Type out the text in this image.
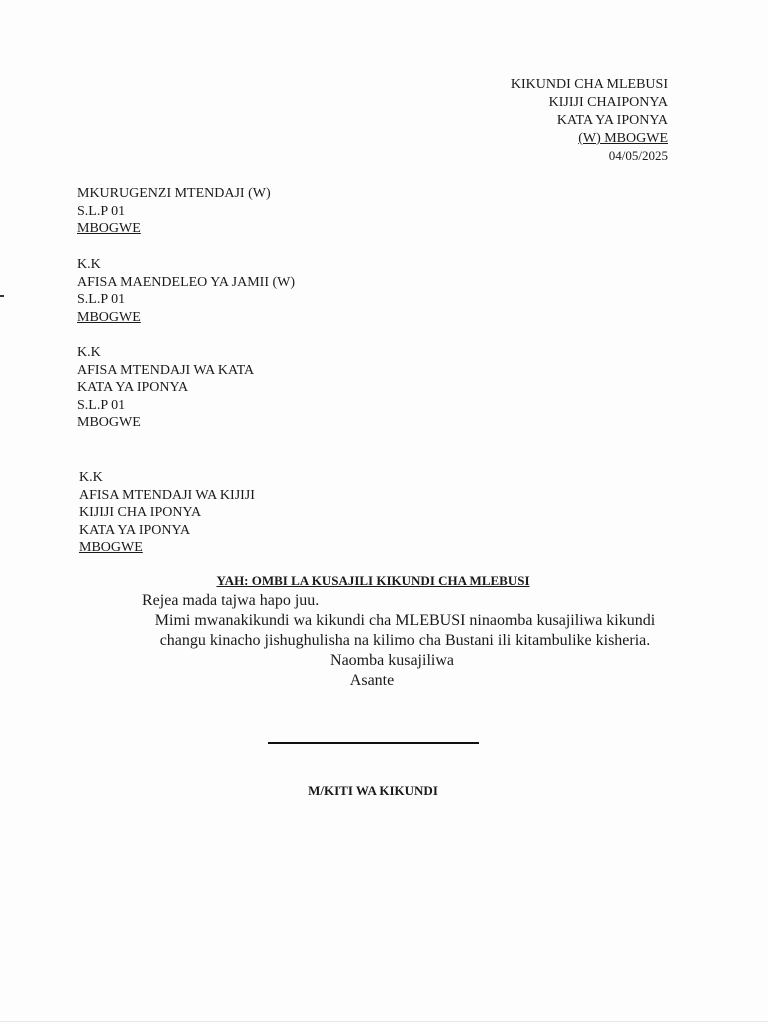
KIKUNDI CHA MLEBUSI
KIJIJI CHAIPONYA
KATA YA IPONYA
(W) MBOGWE
04/05/2025
MKURUGENZI MTENDAJI (W)
S.L.P 01
MBOGWE
K.K
AFISA MAENDELEO YA JAMII (W)
S.L.P 01
MBOGWE
K.K
AFISA MTENDAJI WA KATA
KATA YA IPONYA
S.L.P 01
MBOGWE
K.K
AFISA MTENDAJI WA KIJIJI
KIJIJI CHA IPONYA
KATA YA IPONYA
MBOGWE
YAH: OMBI LA KUSAJILI KIKUNDI CHA MLEBUSI
Rejea mada tajwa hapo juu.
Mimi mwanakikundi wa kikundi cha MLEBUSI ninaomba kusajiliwa kikundi
changu kinacho jishughulisha na kilimo cha Bustani ili kitambulike kisheria.
Naomba kusajiliwa
Asante
M/KITI WA KIKUNDI
